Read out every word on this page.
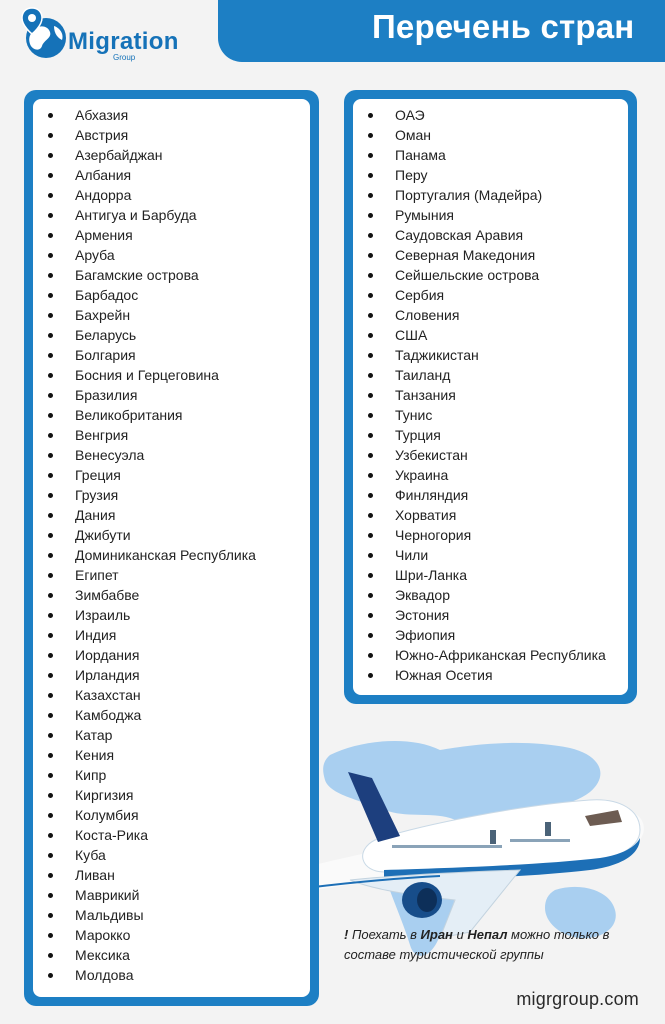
Перечень стран
Migration
Group
Абхазия
Австрия
Азербайджан
Албания
Андорра
Антигуа и Барбуда
Армения
Аруба
Багамские острова
Барбадос
Бахрейн
Беларусь
Болгария
Босния и Герцеговина
Бразилия
Великобритания
Венгрия
Венесуэла
Греция
Грузия
Дания
Джибути
Доминиканская Республика
Египет
Зимбабве
Израиль
Индия
Иордания
Ирландия
Казахстан
Камбоджа
Катар
Кения
Кипр
Киргизия
Колумбия
Коста-Рика
Куба
Ливан
Маврикий
Мальдивы
Марокко
Мексика
Молдова
ОАЭ
Оман
Панама
Перу
Португалия (Мадейра)
Румыния
Саудовская Аравия
Северная Македония
Сейшельские острова
Сербия
Словения
США
Таджикистан
Таиланд
Танзания
Тунис
Турция
Узбекистан
Украина
Финляндия
Хорватия
Черногория
Чили
Шри-Ланка
Эквадор
Эстония
Эфиопия
Южно-Африканская Республика
Южная Осетия
! Поехать в Иран и Непал можно только в составе туристической группы
migrgroup.com
